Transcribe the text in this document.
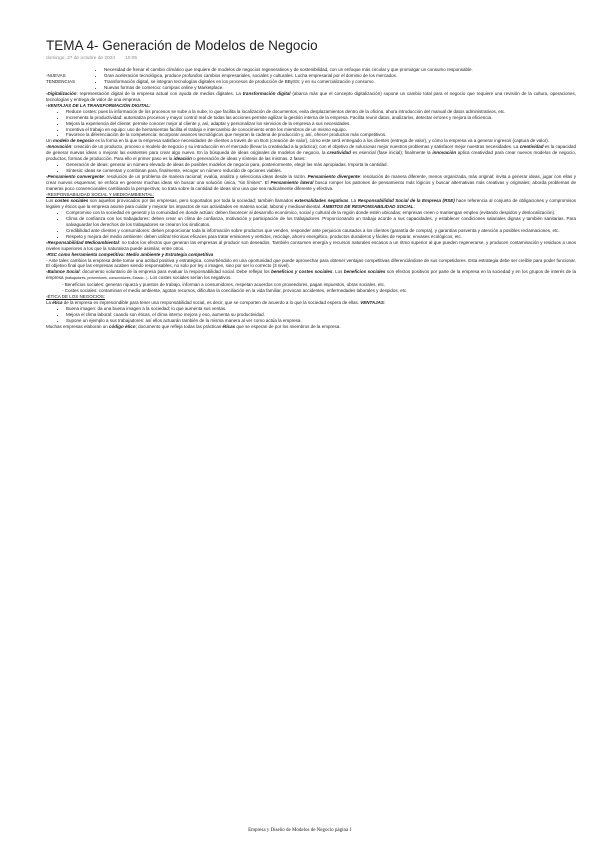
TEMA 4- Generación de Modelos de Negocio
domingo, 27 de octubre de 2024 10:05
-NUEVAS TENDENCIAS
• Necesidad de frenar el cambio climático que requiere de modelos de negocios regenerativos y de sostenibilidad, con un enfoque más circular y que promulgar un consumo responsable.
• Gran aceleración tecnológica, produce profundos cambios empresariales, sociales y culturales. Lucha empresarial por el dominio de los mercados.
• Transformación digital, se integran tecnologías digitales en los procesos de producción de BBySS; y en su comercialización y consumo.
• Nuevas formas de comercio: compras online y Marketplace.

-Digitalización: representación digital de la empresa actual con ayuda de medios digitales. La transformación digital (abarca más que el concepto digitalización) supone un cambio total para el negocio que requiere una revisión de la cultura, operaciones, tecnologías y entrega de valor de una empresa.

-VENTAJAS DE LA TRANSFORMACIÓN DIGITAL:

• Reduce costes: pues la información de los procesos se sube a la nube, lo que facilita la localización de documentos, evita desplazamientos dentro de la oficina, ahora introducción del manual de datos administrativos, etc.
• Incrementa la productividad: automatiza procesos y mayor control real de todas las acciones permite agilizar la gestión interna de la empresa. Facilita reunir datos, analizarlos, detectar errores y mejora la eficiencia.
• Mejora la experiencia del cliente: permite conocer mejor al cliente y, así, adaptar y personalizar los servicios de la empresa a sus necesidades.
• Incentiva el trabajo en equipo: uso de herramientas facilita el trabajo e intercambio de conocimiento entre los miembros de un mismo equipo.
• Favorece la diferenciación de la competencia: incorporar avances tecnológicos que mejoran la cadena de producción y, así, ofrecer productos más competitivos.

Un modelo de negocio es la forma en la que la empresa satisface necesidades de clientes a través de un BoS (creación de valor), cómo este será entregado a los clientes (entrega de valor), y cómo la empresa va a generar ingresos (captura de valor).

-Innovación: creación de un producto, proceso o modelo de negocio y su introducción en el mercado (llevar la creatividad a la práctica); con el objetivo de solucionar mejor nuestros problemas y satisfacer mejor nuestras necesidades. La creatividad es la capacidad de generar nuevas ideas o mejorar las existentes para crear algo nuevo. En la búsqueda de ideas originales de modelos de negocio, la creatividad es esencial (fase inicial); finalmente la innovación aplica creatividad para crear nuevos modelos de negocio, productos, formas de producción. Para ello el primer paso es la ideación o generación de ideas y síntesis de las mismas. 2 fases:

• Generación de ideas: generar un número elevado de ideas de posibles modelos de negocio para, posteriormente, elegir las más apropiadas. Importa la cantidad.
• Síntesis: ideas se comentan y combinan para, finalmente, escoger un número reducido de opciones viables.

-Pensamiento convergente: resolución de un problema de manera racional; evalúa, analiza y selecciona ideas desde la razón. Pensamiento divergente: resolución de manera diferente, menos organizada, más original; invita a generar ideas, jugar con ellas y crear nuevos esquemas; se enfoca en generar muchas ideas sin buscar una solución única, "sin límites". El Pensamiento lateral busca romper los patrones de pensamiento más lógicos y buscar alternativas más creativas y originales; aborda problemas de maneras poco convencionales cambiando la perspectiva; no trata sobre la cantidad de ideas sino una que sea radicalmente diferente y efectiva.

-RESPONSABILIDAD SOCIAL Y MEDIOAMBIENTAL:

Los costes sociales son aquellos provocados por las empresas, pero soportados por toda la sociedad; también llamados externalidades negativas. La Responsabilidad Social de la Empresa (RSE) hace referencia al conjunto de obligaciones y compromisos legales y éticos que la empresa asume para cuidar y mejorar los impactos de sus actividades en materia social, laboral y medioambiental. ÁMBITOS DE RESPONSABILIDAD SOCIAL:

• Compromiso con la sociedad en general y la comunidad en donde actúan: deben favorecer al desarrollo económico, social y cultural de la región donde estén ubicadas; empresas creen o mantengan empleo (evitando despidos y deslocalización).
• Clima de confianza con los trabajadores: deben crear un clima de confianza, motivación y participación de los trabajadores. Proporcionando un trabajo acorde a sus capacidades, y establecer condiciones salariales dignas y también sanitarias. Para salvaguardar los derechos de los trabajadores se crearon los sindicatos.
• Credibilidad ante clientes y consumidores: deben proporcionar toda la información sobre productos que venden, responder ante perjuicios causados a los clientes (garantía de compra), y garantías posventa y atención a posibles reclamaciones, etc.
• Respeto y mejora del medio ambiente: deben utilizar técnicas eficaces para tratar emisiones y vertidos, reciclaje, ahorro energético, productos duraderos y fáciles de reparar, envases ecológicos, etc.

-Responsabilidad Medioambiental: no todos los efectos que generan las empresas al producir son deseados. También consumen energía y recursos naturales escasos a un ritmo superior al que pueden regenerarse, y producen contaminación y residuos a unos niveles superiores a los que la naturaleza puede asimilar, entre otros.

-RSC como herramienta competitiva: Medio ambiente y Estrategia competitiva
- Ante tales cambios la empresa debe tomar una actitud positiva y estratégica, convirtiéndolo en una oportunidad que puede aprovechar para obtener ventajas competitivas diferenciándose de sus competidores. Esta estrategia debe ser creíble para poder funcionar. El objetivo final que las empresas acaben siendo responsables, no solo por ley o imagen, sino por ser lo correcto (3 nivel).

-Balance Social: documento voluntario de la empresa para evaluar la responsabilidad social. Debe reflejar los beneficios y costes sociales. Los beneficios sociales son efectos positivos por parte de la empresa en la sociedad y en los grupos de interés de la empresa (trabajadores, proveedores, consumidores, Estado...). Los costes sociales serían los negativos.

- Beneficios sociales: generan riqueza y puestos de trabajo, informan a consumidores, respetan acuerdos con proveedores, pagan impuestos, obras sociales, etc.
- Costes sociales: contaminan el medio ambiente, agotan recursos, dificultan la conciliación en la vida familiar, provocan accidentes, enfermedades laborales y despidos, etc.

-ÉTICA DE LOS NEGOCIOS:

La ética de la empresa es imprescindible para tener una responsabilidad social, es decir, que se comporten de acuerdo a lo que la sociedad espera de ellas. VENTAJAS:

• Buena imagen: da una buena imagen a la sociedad; lo que aumenta sus ventas.
• Mejora el clima laboral: cuando son éticas, el clima interno mejora y eso, aumenta su productividad.
• Supone un ejemplo a sus trabajadores: así ellos actuarán también de la misma manera al ver como actúa la empresa.

Muchas empresas elaboran un código ético; documento que refleja todas las prácticas éticas que se esperan de por los miembros de la empresa.

Empresa y Diseño de Modelos de Negocio página 1
